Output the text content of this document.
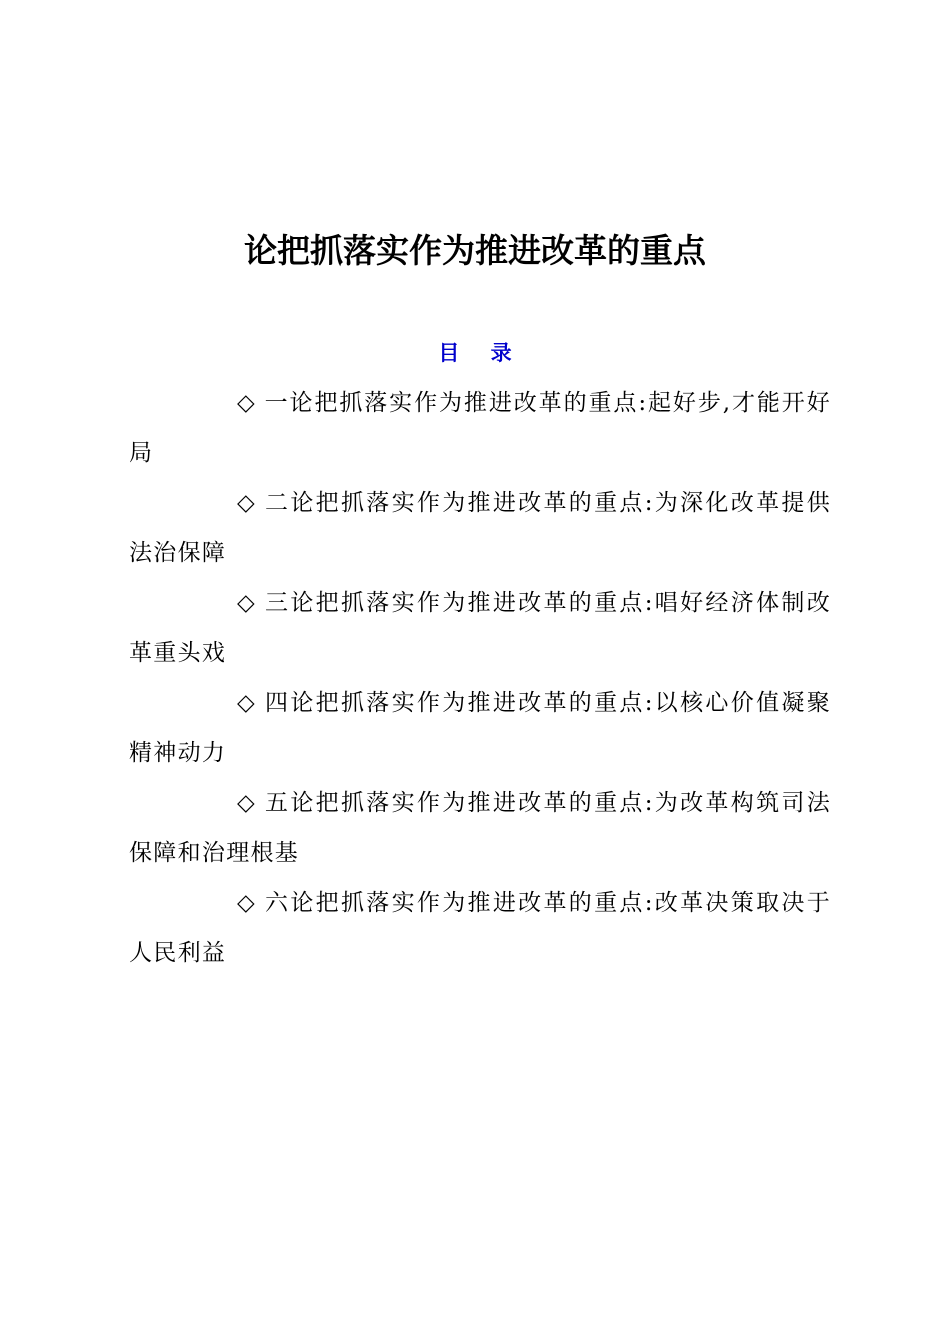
论把抓落实作为推进改革的重点
目 录
◇ 一论把抓落实作为推进改革的重点:起好步,才能开好局
◇ 二论把抓落实作为推进改革的重点:为深化改革提供法治保障
◇ 三论把抓落实作为推进改革的重点:唱好经济体制改革重头戏
◇ 四论把抓落实作为推进改革的重点:以核心价值凝聚精神动力
◇ 五论把抓落实作为推进改革的重点:为改革构筑司法保障和治理根基
◇ 六论把抓落实作为推进改革的重点:改革决策取决于人民利益
